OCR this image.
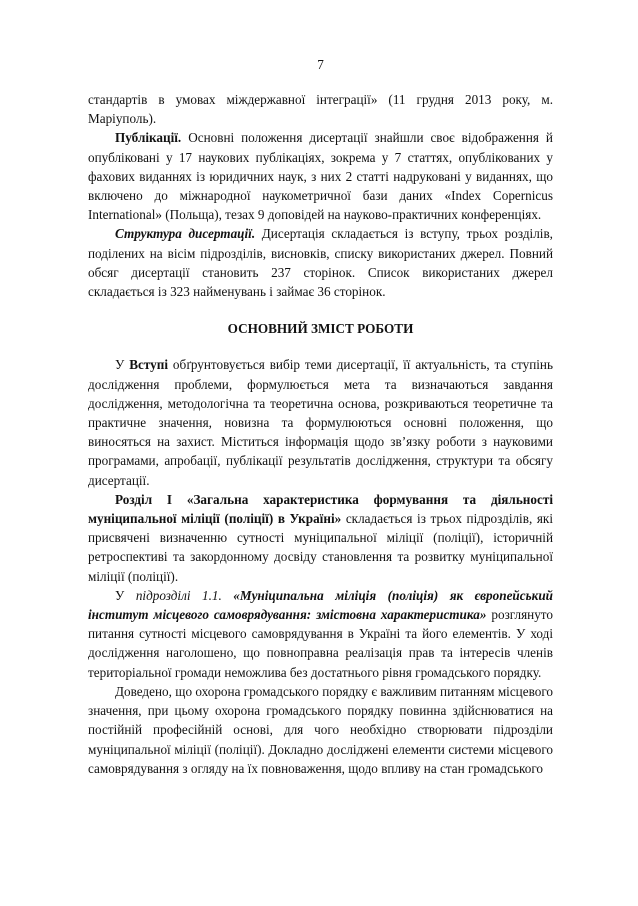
7

стандартів в умовах міждержавної інтеграції» (11 грудня 2013 року, м. Маріуполь).

Публікації. Основні положення дисертації знайшли своє відображення й опубліковані у 17 наукових публікаціях, зокрема у 7 статтях, опублікованих у фахових виданнях із юридичних наук, з них 2 статті надруковані у виданнях, що включено до міжнародної наукометричної бази даних «Index Copernicus International» (Польща), тезах 9 доповідей на науково-практичних конференціях.

Структура дисертації. Дисертація складається із вступу, трьох розділів, поділених на вісім підрозділів, висновків, списку використаних джерел. Повний обсяг дисертації становить 237 сторінок. Список використаних джерел складається із 323 найменувань і займає 36 сторінок.

ОСНОВНИЙ ЗМІСТ РОБОТИ

У Вступі обґрунтовується вибір теми дисертації, її актуальність, та ступінь дослідження проблеми, формулюється мета та визначаються завдання дослідження, методологічна та теоретична основа, розкриваються теоретичне та практичне значення, новизна та формулюються основні положення, що виносяться на захист. Міститься інформація щодо зв’язку роботи з науковими програмами, апробації, публікації результатів дослідження, структури та обсягу дисертації.

Розділ І «Загальна характеристика формування та діяльності муніципальної міліції (поліції) в Україні» складається із трьох підрозділів, які присвячені визначенню сутності муніципальної міліції (поліції), історичній ретроспективі та закордонному досвіду становлення та розвитку муніципальної міліції (поліції).

У підрозділі 1.1. «Муніципальна міліція (поліція) як європейський інститут місцевого самоврядування: змістовна характеристика» розглянуто питання сутності місцевого самоврядування в Україні та його елементів. У ході дослідження наголошено, що повноправна реалізація прав та інтересів членів територіальної громади неможлива без достатнього рівня громадського порядку.

Доведено, що охорона громадського порядку є важливим питанням місцевого значення, при цьому охорона громадського порядку повинна здійснюватися на постійній професійній основі, для чого необхідно створювати підрозділи муніципальної міліції (поліції). Докладно досліджені елементи системи місцевого самоврядування з огляду на їх повноваження, щодо впливу на стан громадського
